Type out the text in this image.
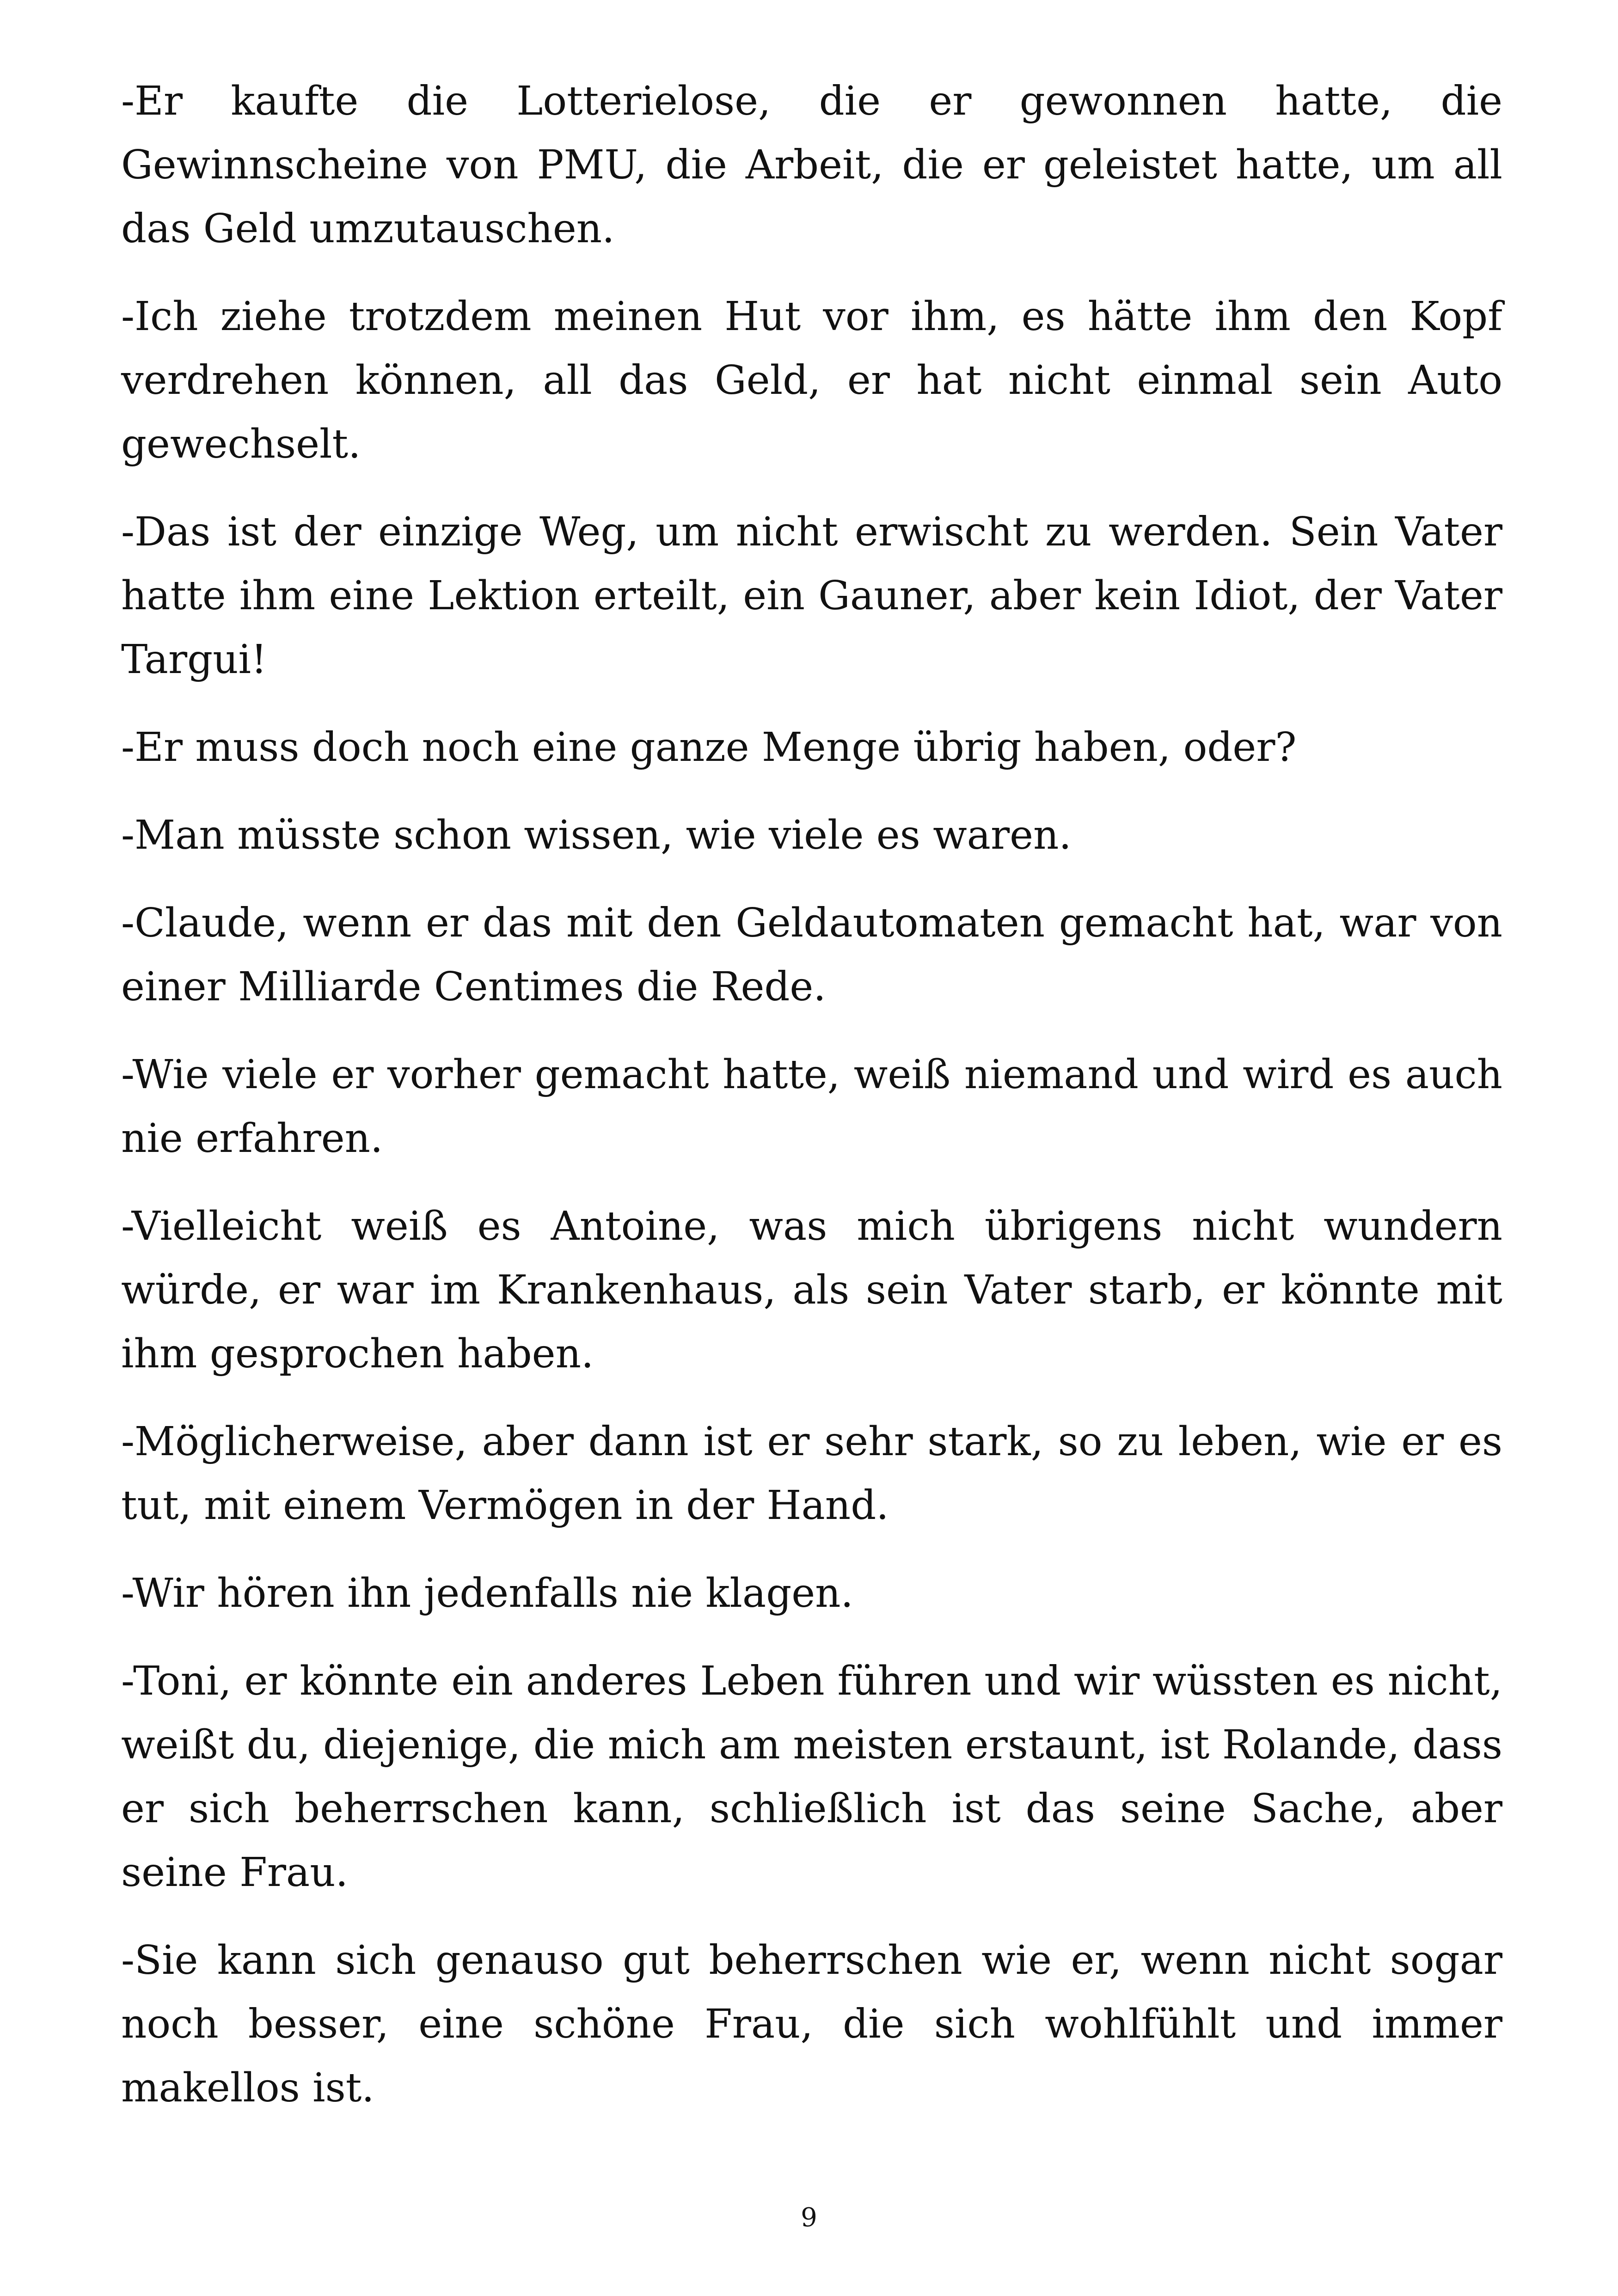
-Er kaufte die Lotterielose, die er gewonnen hatte, die Gewinnscheine von PMU, die Arbeit, die er geleistet hatte, um all das Geld umzutauschen.

-Ich ziehe trotzdem meinen Hut vor ihm, es hätte ihm den Kopf verdrehen können, all das Geld, er hat nicht einmal sein Auto gewechselt.

-Das ist der einzige Weg, um nicht erwischt zu werden. Sein Vater hatte ihm eine Lektion erteilt, ein Gauner, aber kein Idiot, der Vater Targui!

-Er muss doch noch eine ganze Menge übrig haben, oder?

-Man müsste schon wissen, wie viele es waren.

-Claude, wenn er das mit den Geldautomaten gemacht hat, war von einer Milliarde Centimes die Rede.

-Wie viele er vorher gemacht hatte, weiß niemand und wird es auch nie erfahren.

-Vielleicht weiß es Antoine, was mich übrigens nicht wundern würde, er war im Krankenhaus, als sein Vater starb, er könnte mit ihm gesprochen haben.

-Möglicherweise, aber dann ist er sehr stark, so zu leben, wie er es tut, mit einem Vermögen in der Hand.

-Wir hören ihn jedenfalls nie klagen.

-Toni, er könnte ein anderes Leben führen und wir wüssten es nicht, weißt du, diejenige, die mich am meisten erstaunt, ist Rolande, dass er sich beherrschen kann, schließlich ist das seine Sache, aber seine Frau.

-Sie kann sich genauso gut beherrschen wie er, wenn nicht sogar noch besser, eine schöne Frau, die sich wohlfühlt und immer makellos ist.

9
